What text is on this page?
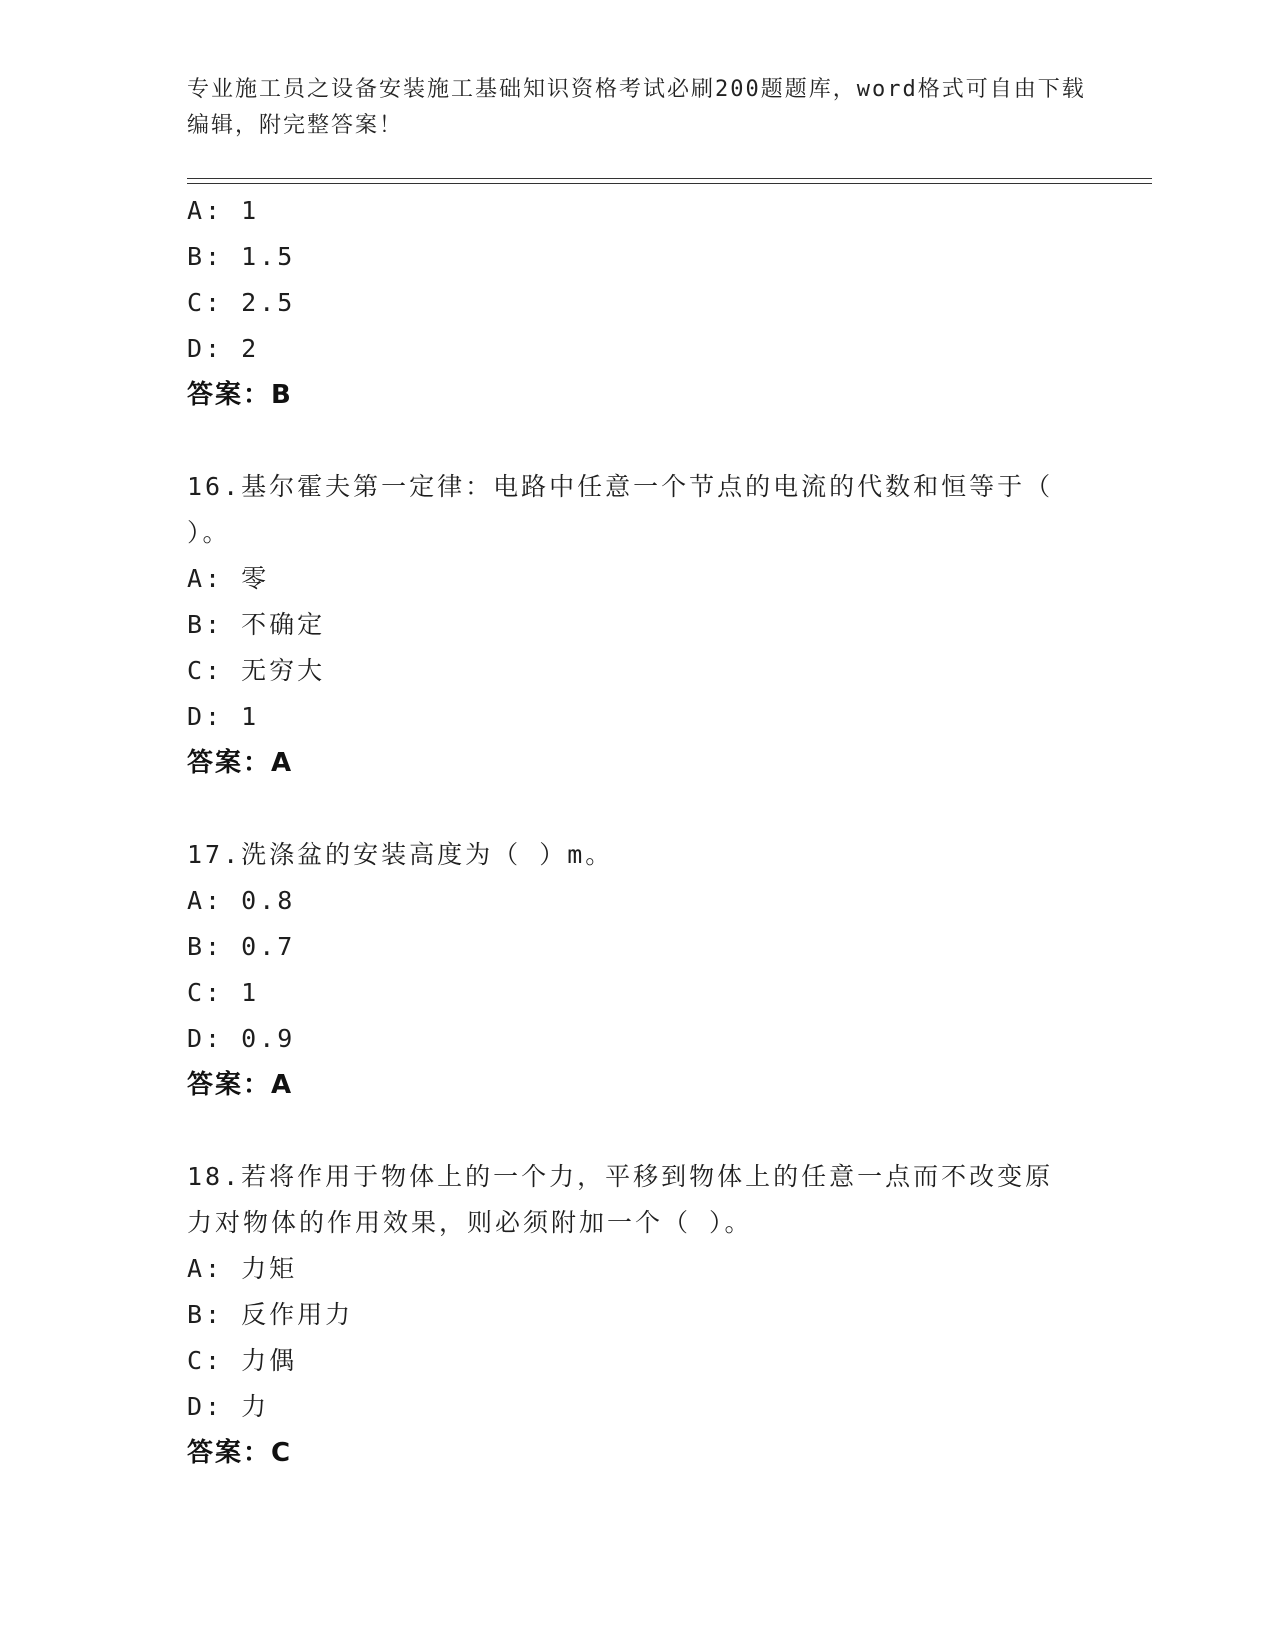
专业施工员之设备安装施工基础知识资格考试必刷200题题库，word格式可自由下载编辑，附完整答案！
A: 1
B: 1.5
C: 2.5
D: 2
答案：B
16.基尔霍夫第一定律：电路中任意一个节点的电流的代数和恒等于（ ）。
A: 零
B: 不确定
C: 无穷大
D: 1
答案：A
17.洗涤盆的安装高度为（ ）m。
A: 0.8
B: 0.7
C: 1
D: 0.9
答案：A
18.若将作用于物体上的一个力，平移到物体上的任意一点而不改变原力对物体的作用效果，则必须附加一个（ ）。
A: 力矩
B: 反作用力
C: 力偶
D: 力
答案：C
